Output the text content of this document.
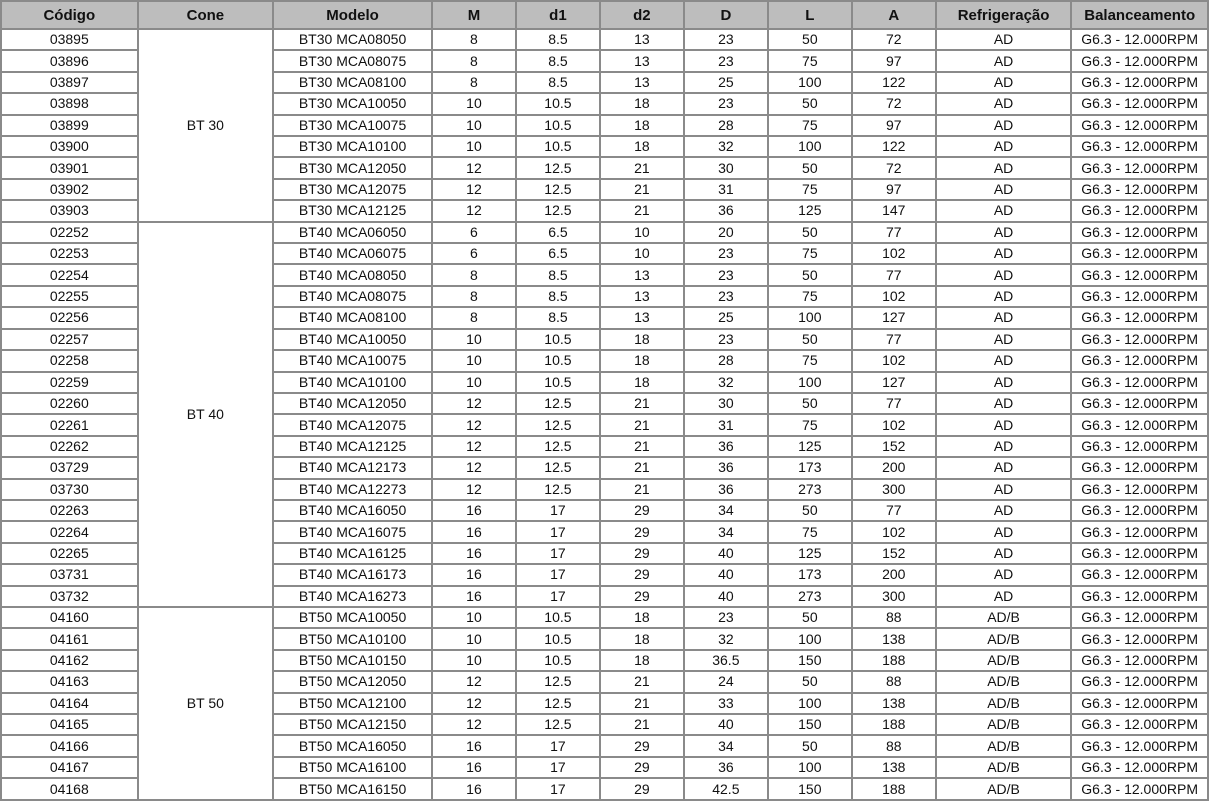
Código	Cone	Modelo	M	d1	d2	D	L	A	Refrigeração	Balanceamento
03895	BT 30	BT30 MCA08050	8	8.5	13	23	50	72	AD	G6.3 - 12.000RPM
03896		BT30 MCA08075	8	8.5	13	23	75	97	AD	G6.3 - 12.000RPM
03897		BT30 MCA08100	8	8.5	13	25	100	122	AD	G6.3 - 12.000RPM
03898		BT30 MCA10050	10	10.5	18	23	50	72	AD	G6.3 - 12.000RPM
03899		BT30 MCA10075	10	10.5	18	28	75	97	AD	G6.3 - 12.000RPM
03900		BT30 MCA10100	10	10.5	18	32	100	122	AD	G6.3 - 12.000RPM
03901		BT30 MCA12050	12	12.5	21	30	50	72	AD	G6.3 - 12.000RPM
03902		BT30 MCA12075	12	12.5	21	31	75	97	AD	G6.3 - 12.000RPM
03903		BT30 MCA12125	12	12.5	21	36	125	147	AD	G6.3 - 12.000RPM
02252	BT 40	BT40 MCA06050	6	6.5	10	20	50	77	AD	G6.3 - 12.000RPM
02253		BT40 MCA06075	6	6.5	10	23	75	102	AD	G6.3 - 12.000RPM
02254		BT40 MCA08050	8	8.5	13	23	50	77	AD	G6.3 - 12.000RPM
02255		BT40 MCA08075	8	8.5	13	23	75	102	AD	G6.3 - 12.000RPM
02256		BT40 MCA08100	8	8.5	13	25	100	127	AD	G6.3 - 12.000RPM
02257		BT40 MCA10050	10	10.5	18	23	50	77	AD	G6.3 - 12.000RPM
02258		BT40 MCA10075	10	10.5	18	28	75	102	AD	G6.3 - 12.000RPM
02259		BT40 MCA10100	10	10.5	18	32	100	127	AD	G6.3 - 12.000RPM
02260		BT40 MCA12050	12	12.5	21	30	50	77	AD	G6.3 - 12.000RPM
02261		BT40 MCA12075	12	12.5	21	31	75	102	AD	G6.3 - 12.000RPM
02262		BT40 MCA12125	12	12.5	21	36	125	152	AD	G6.3 - 12.000RPM
03729		BT40 MCA12173	12	12.5	21	36	173	200	AD	G6.3 - 12.000RPM
03730		BT40 MCA12273	12	12.5	21	36	273	300	AD	G6.3 - 12.000RPM
02263		BT40 MCA16050	16	17	29	34	50	77	AD	G6.3 - 12.000RPM
02264		BT40 MCA16075	16	17	29	34	75	102	AD	G6.3 - 12.000RPM
02265		BT40 MCA16125	16	17	29	40	125	152	AD	G6.3 - 12.000RPM
03731		BT40 MCA16173	16	17	29	40	173	200	AD	G6.3 - 12.000RPM
03732		BT40 MCA16273	16	17	29	40	273	300	AD	G6.3 - 12.000RPM
04160	BT 50	BT50 MCA10050	10	10.5	18	23	50	88	AD/B	G6.3 - 12.000RPM
04161		BT50 MCA10100	10	10.5	18	32	100	138	AD/B	G6.3 - 12.000RPM
04162		BT50 MCA10150	10	10.5	18	36.5	150	188	AD/B	G6.3 - 12.000RPM
04163		BT50 MCA12050	12	12.5	21	24	50	88	AD/B	G6.3 - 12.000RPM
04164		BT50 MCA12100	12	12.5	21	33	100	138	AD/B	G6.3 - 12.000RPM
04165		BT50 MCA12150	12	12.5	21	40	150	188	AD/B	G6.3 - 12.000RPM
04166		BT50 MCA16050	16	17	29	34	50	88	AD/B	G6.3 - 12.000RPM
04167		BT50 MCA16100	16	17	29	36	100	138	AD/B	G6.3 - 12.000RPM
04168		BT50 MCA16150	16	17	29	42.5	150	188	AD/B	G6.3 - 12.000RPM
